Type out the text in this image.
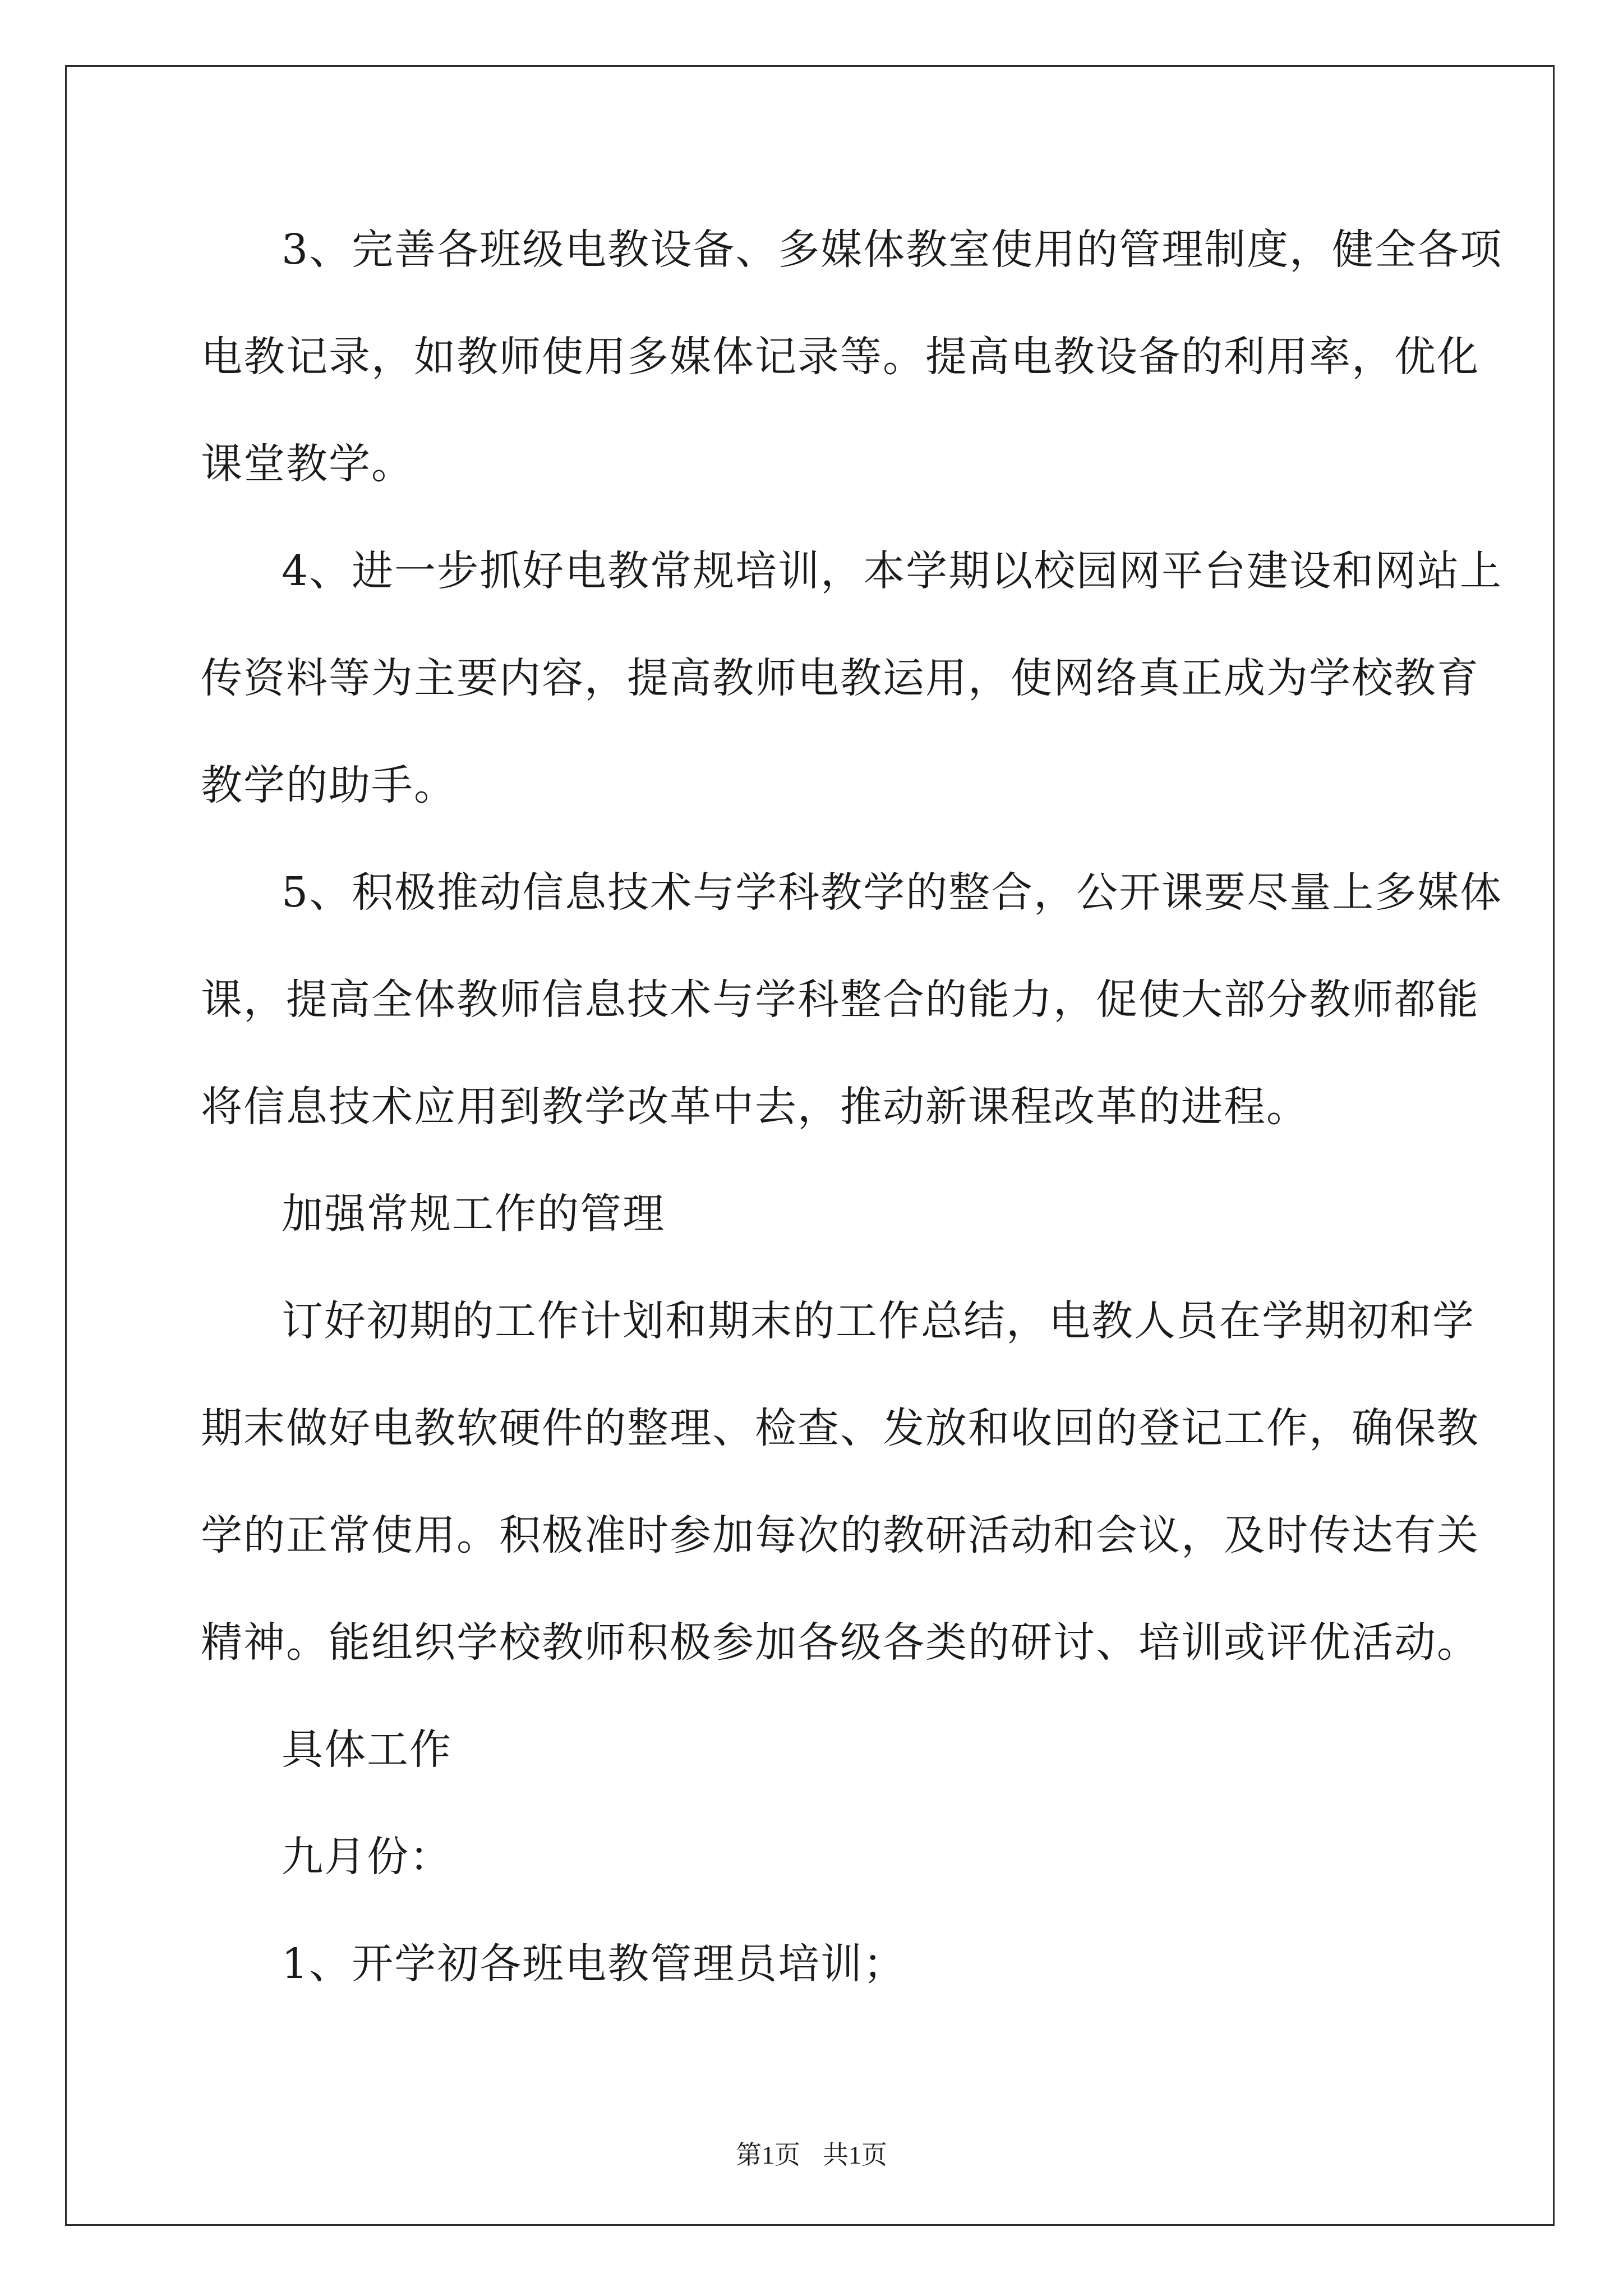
3、完善各班级电教设备、多媒体教室使用的管理制度，健全各项
电教记录，如教师使用多媒体记录等。提高电教设备的利用率，优化
课堂教学。
4、进一步抓好电教常规培训，本学期以校园网平台建设和网站上
传资料等为主要内容，提高教师电教运用，使网络真正成为学校教育
教学的助手。
5、积极推动信息技术与学科教学的整合，公开课要尽量上多媒体
课，提高全体教师信息技术与学科整合的能力，促使大部分教师都能
将信息技术应用到教学改革中去，推动新课程改革的进程。
加强常规工作的管理
订好初期的工作计划和期末的工作总结，电教人员在学期初和学
期末做好电教软硬件的整理、检查、发放和收回的登记工作，确保教
学的正常使用。积极准时参加每次的教研活动和会议，及时传达有关
精神。能组织学校教师积极参加各级各类的研讨、培训或评优活动。
具体工作
九月份：
1、开学初各班电教管理员培训；
第1页 共1页
